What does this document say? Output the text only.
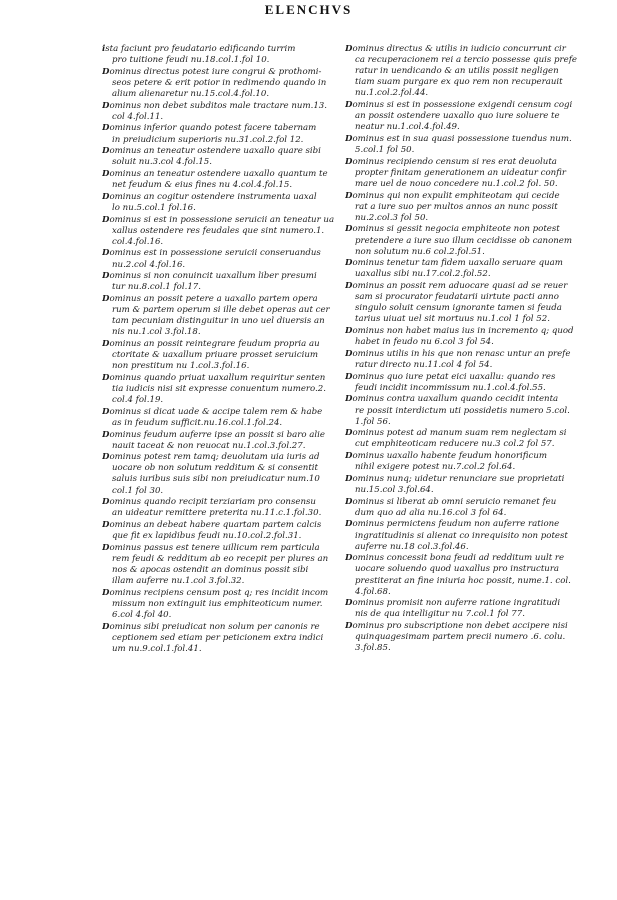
ELENCHVS
ista faciunt pro feudatario edificando turrim
pro tuitione feudi nu.18.col.1.fol 10.
Dominus directus potest iure congrui & prothomi-
seos petere & erit potior in redimendo quando in
alium alienaretur nu.15.col.4.fol.10.
Dominus non debet subditos male tractare num.13.
col 4.fol.11.
Dominus inferior quando potest facere tabernam
in preiudicium superioris nu.31.col.2.fol 12.
Dominus an teneatur ostendere uaxallo quare sibi
soluit nu.3.col 4.fol.15.
Dominus an teneatur ostendere uaxallo quantum te
net feudum & eius fines nu 4.col.4.fol.15.
Dominus an cogitur ostendere instrumenta uaxal
lo nu.5.col.1 fol.16.
Dominus si est in possessione seruicii an teneatur ua
xallus ostendere res feudales que sint numero.1.
col.4.fol.16.
Dominus est in possessione seruicii conseruandus
nu.2.col 4.fol.16.
Dominus si non conuincit uaxallum liber presumi
tur nu.8.col.1 fol.17.
Dominus an possit petere a uaxallo partem opera
rum & partem operum si ille debet operas aut cer
tam pecuniam distinguitur in uno uel diuersis an
nis nu.1.col 3.fol.18.
Dominus an possit reintegrare feudum propria au
ctoritate & uaxallum priuare prosset seruicium
non prestitum nu 1.col.3.fol.16.
Dominus quando priuat uaxallum requiritur senten
tia iudicis nisi sit expresse conuentum numero.2.
col.4 fol.19.
Dominus si dicat uade & accipe talem rem & habe
as in feudum sufficit.nu.16.col.1.fol.24.
Dominus feudum auferre ipse an possit si baro alie
nauit taceat & non reuocat nu.1.col.3.fol.27.
Dominus potest rem tamq; deuolutam uia iuris ad
uocare ob non solutum redditum & si consentit
saluis iuribus suis sibi non preiudicatur num.10
col.1 fol 30.
Dominus quando recipit terziariam pro consensu
an uideatur remittere preterita nu.11.c.1.fol.30.
Dominus an debeat habere quartam partem calcis
que fit ex lapidibus feudi nu.10.col.2.fol.31.
Dominus passus est tenere uillicum rem particula
rem feudi & redditum ab eo recepit per plures an
nos & apocas ostendit an dominus possit sibi
illam auferre nu.1.col 3.fol.32.
Dominus recipiens censum post q; res incidit incom
missum non extinguit ius emphiteoticum numer.
6.col 4.fol 40.
Dominus sibi preiudicat non solum per canonis re
ceptionem sed etiam per peticionem extra indici
um nu.9.col.1.fol.41.
Dominus directus & utilis in iudicio concurrunt cir
ca recuperacionem rei a tercio possesse quis prefe
ratur in uendicando & an utilis possit negligen
tiam suam purgare ex quo rem non recuperauit
nu.1.col.2.fol.44.
Dominus si est in possessione exigendi censum cogi
an possit ostendere uaxallo quo iure soluere te
neatur nu.1.col.4.fol.49.
Dominus est in sua quasi possessione tuendus num.
5.col.1 fol 50.
Dominus recipiendo censum si res erat deuoluta
propter finitam generationem an uideatur confir
mare uel de nouo concedere nu.1.col.2 fol. 50.
Dominus qui non expulit emphiteotam qui cecide
rat a iure suo per multos annos an nunc possit
nu.2.col.3 fol 50.
Dominus si gessit negocia emphiteote non potest
pretendere a iure suo illum cecidisse ob canonem
non solutum nu.6 col.2.fol.51.
Dominus tenetur tam fidem uaxallo seruare quam
uaxallus sibi nu.17.col.2.fol.52.
Dominus an possit rem aduocare quasi ad se reuer
sam si procurator feudatarii uirtute pacti anno
singulo soluit censum ignorante tamen si feuda
tarius uiuat uel sit mortuus nu.1.col 1 fol 52.
Dominus non habet maius ius in incremento q; quod
habet in feudo nu 6.col 3 fol 54.
Dominus utilis in his que non renasc untur an prefe
ratur directo nu.11.col 4 fol 54.
Dominus quo iure petat eici uaxallu: quando res
feudi incidit incommissum nu.1.col.4.fol.55.
Dominus contra uaxallum quando cecidit intenta
re possit interdictum uti possidetis numero 5.col.
1.fol 56.
Dominus potest ad manum suam rem neglectam si
cut emphiteoticam reducere nu.3 col.2 fol 57.
Dominus uaxallo habente feudum honorificum
nihil exigere potest nu.7.col.2 fol.64.
Dominus nunq; uidetur renunciare sue proprietati
nu.15.col 3.fol.64.
Dominus si liberat ab omni seruicio remanet feu
dum quo ad alia nu.16.col 3 fol 64.
Dominus permictens feudum non auferre ratione
ingratitudinis si alienat co inrequisito non potest
auferre nu.18 col.3.fol.46.
Dominus concessit bona feudi ad redditum uult re
uocare soluendo quod uaxallus pro instructura
prestiterat an fine iniuria hoc possit, nume.1. col.
4.fol.68.
Dominus promisit non auferre ratione ingratitudi
nis de qua intelligitur nu 7.col.1 fol 77.
Dominus pro subscriptione non debet accipere nisi
quinquagesimam partem precii numero .6. colu.
3.fol.85.
